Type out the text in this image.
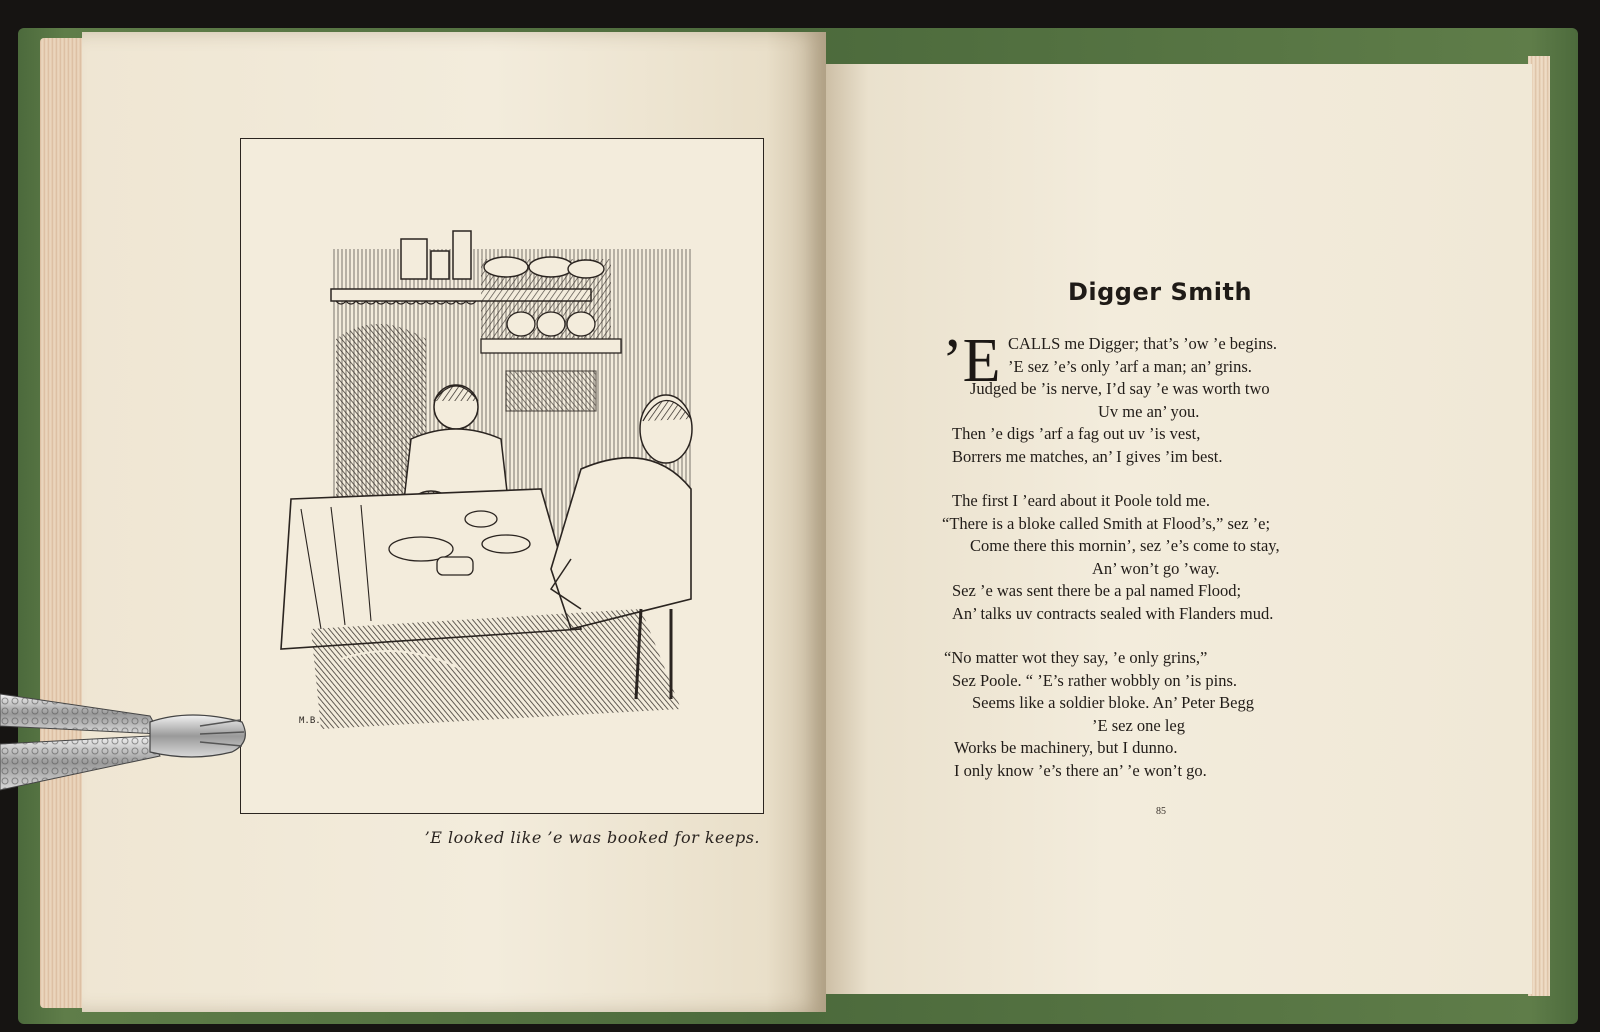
M.B.
’E looked like ’e was booked for keeps.
Digger Smith
’E CALLS me Digger; that’s ’ow ’e begins.
’E sez ’e’s only ’arf a man; an’ grins.
Judged be ’is nerve, I’d say ’e was worth two
Uv me an’ you.
Then ’e digs ’arf a fag out uv ’is vest,
Borrers me matches, an’ I gives ’im best.
The first I ’eard about it Poole told me.
“There is a bloke called Smith at Flood’s,” sez ’e;
Come there this mornin’, sez ’e’s come to stay,
An’ won’t go ’way.
Sez ’e was sent there be a pal named Flood;
An’ talks uv contracts sealed with Flanders mud.
“No matter wot they say, ’e only grins,”
Sez Poole. “ ’E’s rather wobbly on ’is pins.
Seems like a soldier bloke. An’ Peter Begg
’E sez one leg
Works be machinery, but I dunno.
I only know ’e’s there an’ ’e won’t go.
85
